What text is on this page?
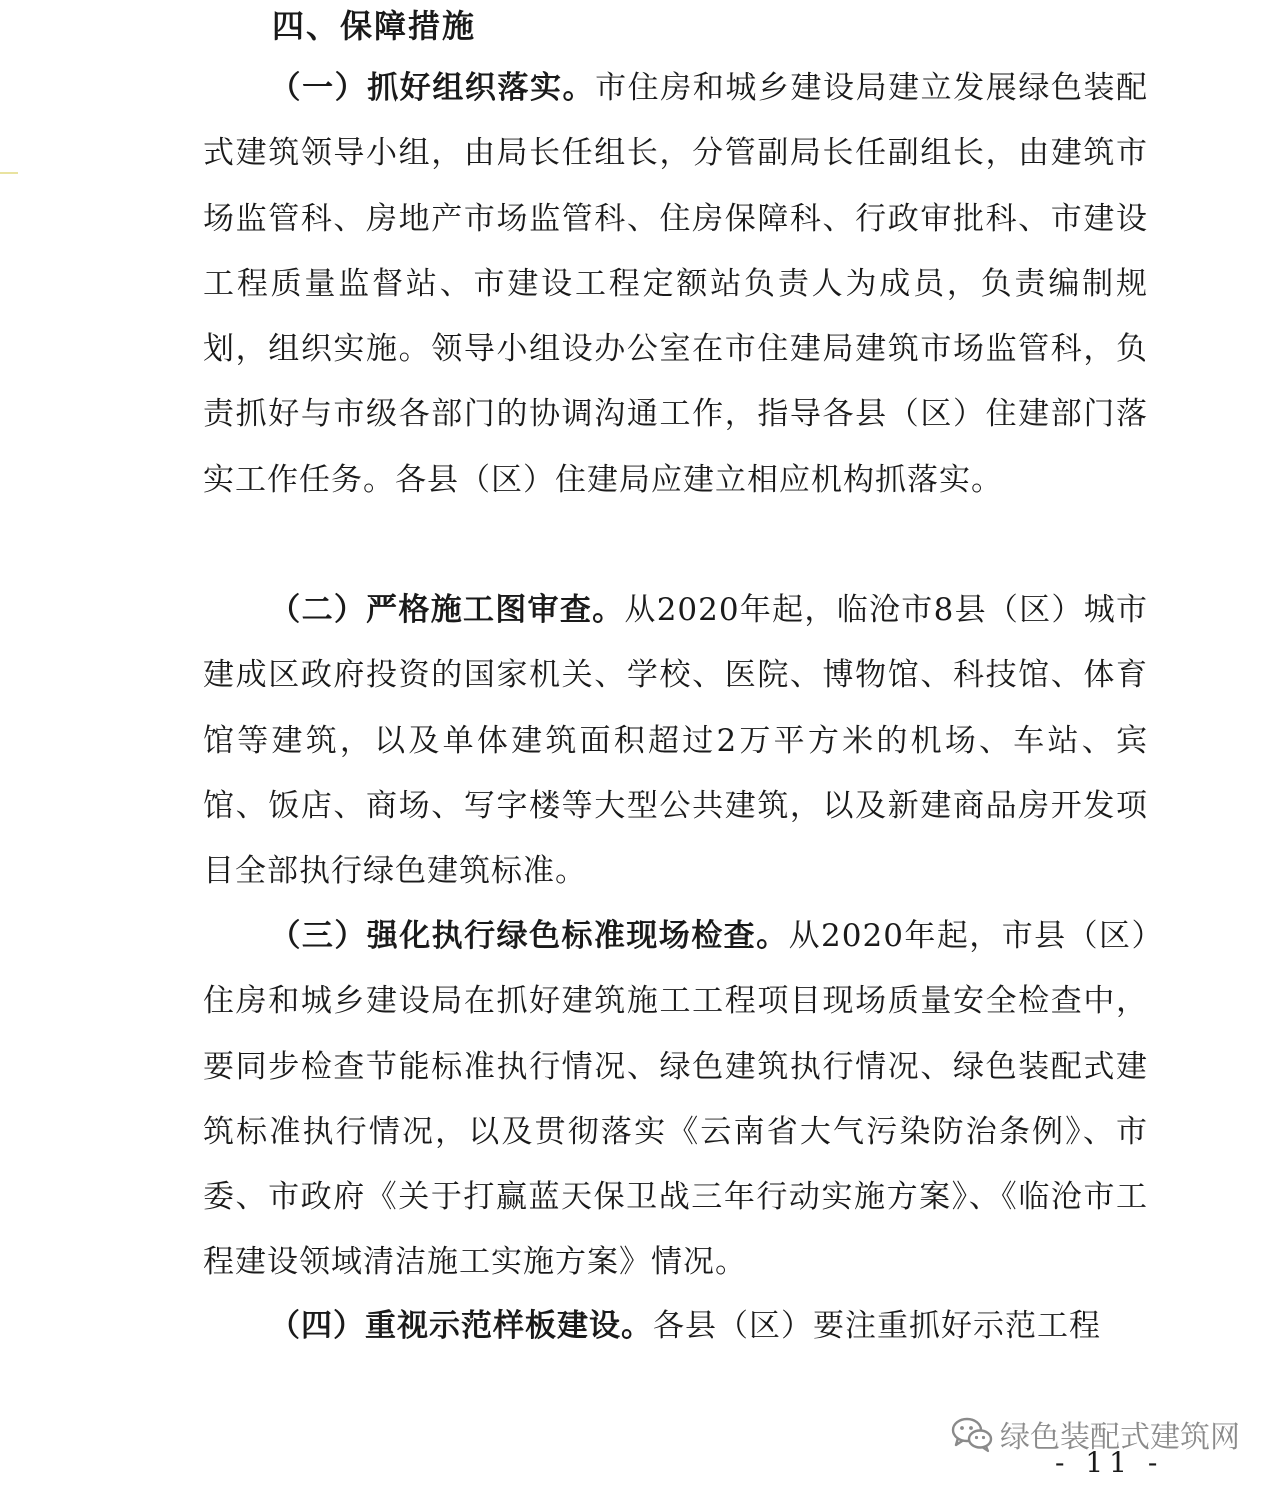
四、保障措施
（一）抓好组织落实。市住房和城乡建设局建立发展绿色装配式建筑领导小组，由局长任组长，分管副局长任副组长，由建筑市场监管科、房地产市场监管科、住房保障科、行政审批科、市建设工程质量监督站、市建设工程定额站负责人为成员，负责编制规划，组织实施。领导小组设办公室在市住建局建筑市场监管科，负责抓好与市级各部门的协调沟通工作，指导各县（区）住建部门落实工作任务。各县（区）住建局应建立相应机构抓落实。
（二）严格施工图审查。从2020年起，临沧市8县（区）城市建成区政府投资的国家机关、学校、医院、博物馆、科技馆、体育馆等建筑，以及单体建筑面积超过2万平方米的机场、车站、宾馆、饭店、商场、写字楼等大型公共建筑，以及新建商品房开发项目全部执行绿色建筑标准。
（三）强化执行绿色标准现场检查。从2020年起，市县（区）住房和城乡建设局在抓好建筑施工工程项目现场质量安全检查中，要同步检查节能标准执行情况、绿色建筑执行情况、绿色装配式建筑标准执行情况，以及贯彻落实《云南省大气污染防治条例》、市委、市政府《关于打赢蓝天保卫战三年行动实施方案》、《临沧市工程建设领域清洁施工实施方案》情况。
（四）重视示范样板建设。各县（区）要注重抓好示范工程
绿色装配式建筑网
- 11 -
